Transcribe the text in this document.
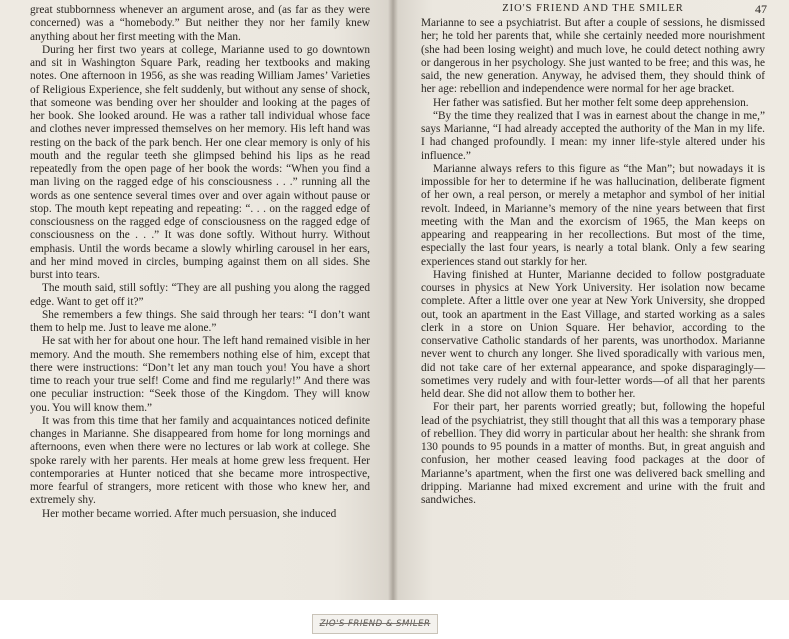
great stubbornness whenever an argument arose, and (as far as they were concerned) was a “homebody.” But neither they nor her family knew anything about her first meeting with the Man.

During her first two years at college, Marianne used to go downtown and sit in Washington Square Park, reading her textbooks and making notes. One afternoon in 1956, as she was reading William James’ Varieties of Religious Experience, she felt suddenly, but without any sense of shock, that someone was bending over her shoulder and looking at the pages of her book. She looked around. He was a rather tall individual whose face and clothes never impressed themselves on her memory. His left hand was resting on the back of the park bench. Her one clear memory is only of his mouth and the regular teeth she glimpsed behind his lips as he read repeatedly from the open page of her book the words: “When you find a man living on the ragged edge of his consciousness . . .” running all the words as one sentence several times over and over again without pause or stop. The mouth kept repeating and repeating: “. . . on the ragged edge of consciousness on the ragged edge of consciousness on the ragged edge of consciousness on the . . .” It was done softly. Without hurry. Without emphasis. Until the words became a slowly whirling carousel in her ears, and her mind moved in circles, bumping against them on all sides. She burst into tears.

The mouth said, still softly: “They are all pushing you along the ragged edge. Want to get off it?”

She remembers a few things. She said through her tears: “I don’t want them to help me. Just to leave me alone.”

He sat with her for about one hour. The left hand remained visible in her memory. And the mouth. She remembers nothing else of him, except that there were instructions: “Don’t let any man touch you! You have a short time to reach your true self! Come and find me regularly!” And there was one peculiar instruction: “Seek those of the Kingdom. They will know you. You will know them.”

It was from this time that her family and acquaintances noticed definite changes in Marianne. She disappeared from home for long mornings and afternoons, even when there were no lectures or lab work at college. She spoke rarely with her parents. Her meals at home grew less frequent. Her contemporaries at Hunter noticed that she became more introspective, more fearful of strangers, more reticent with those who knew her, and extremely shy.

Her mother became worried. After much persuasion, she induced

ZIO'S FRIEND AND THE SMILER	47

Marianne to see a psychiatrist. But after a couple of sessions, he dismissed her; he told her parents that, while she certainly needed more nourishment (she had been losing weight) and much love, he could detect nothing awry or dangerous in her psychology. She just wanted to be free; and this was, he said, the new generation. Anyway, he advised them, they should think of her age: rebellion and independence were normal for her age bracket.

Her father was satisfied. But her mother felt some deep apprehension.

“By the time they realized that I was in earnest about the change in me,” says Marianne, “I had already accepted the authority of the Man in my life. I had changed profoundly. I mean: my inner life-style altered under his influence.”

Marianne always refers to this figure as “the Man”; but nowadays it is impossible for her to determine if he was hallucination, deliberate figment of her own, a real person, or merely a metaphor and symbol of her initial revolt. Indeed, in Marianne’s memory of the nine years between that first meeting with the Man and the exorcism of 1965, the Man keeps on appearing and reappearing in her recollections. But most of the time, especially the last four years, is nearly a total blank. Only a few searing experiences stand out starkly for her.

Having finished at Hunter, Marianne decided to follow postgraduate courses in physics at New York University. Her isolation now became complete. After a little over one year at New York University, she dropped out, took an apartment in the East Village, and started working as a sales clerk in a store on Union Square. Her behavior, according to the conservative Catholic standards of her parents, was unorthodox. Marianne never went to church any longer. She lived sporadically with various men, did not take care of her external appearance, and spoke disparagingly—sometimes very rudely and with four-letter words—of all that her parents held dear. She did not allow them to bother her.

For their part, her parents worried greatly; but, following the hopeful lead of the psychiatrist, they still thought that all this was a temporary phase of rebellion. They did worry in particular about her health: she shrank from 130 pounds to 95 pounds in a matter of months. But, in great anguish and confusion, her mother ceased leaving food packages at the door of Marianne’s apartment, when the first one was delivered back smelling and dripping. Marianne had mixed excrement and urine with the fruit and sandwiches.

ZIO'S FRIEND & SMILER
